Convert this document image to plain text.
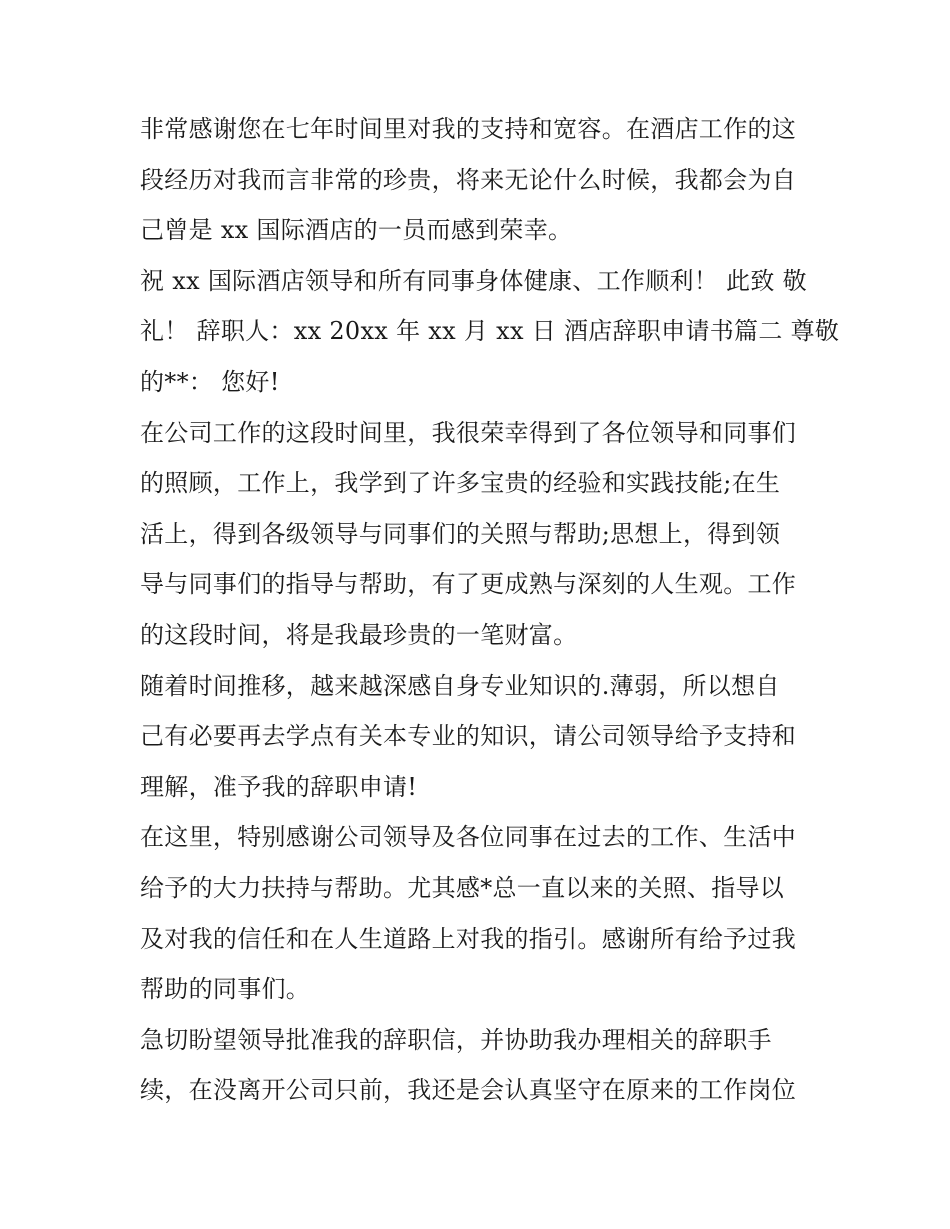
非常感谢您在七年时间里对我的支持和宽容。在酒店工作的这
段经历对我而言非常的珍贵，将来无论什么时候，我都会为自
己曾是 xx 国际酒店的一员而感到荣幸。
祝 xx 国际酒店领导和所有同事身体健康、工作顺利！ 此致 敬
礼！ 辞职人：xx 20xx 年 xx 月 xx 日 酒店辞职申请书篇二 尊敬
的**： 您好!
在公司工作的这段时间里，我很荣幸得到了各位领导和同事们
的照顾，工作上，我学到了许多宝贵的经验和实践技能;在生
活上，得到各级领导与同事们的关照与帮助;思想上，得到领
导与同事们的指导与帮助，有了更成熟与深刻的人生观。工作
的这段时间，将是我最珍贵的一笔财富。
随着时间推移，越来越深感自身专业知识的.薄弱，所以想自
己有必要再去学点有关本专业的知识，请公司领导给予支持和
理解，准予我的辞职申请!
在这里，特别感谢公司领导及各位同事在过去的工作、生活中
给予的大力扶持与帮助。尤其感*总一直以来的关照、指导以
及对我的信任和在人生道路上对我的指引。感谢所有给予过我
帮助的同事们。
急切盼望领导批准我的辞职信，并协助我办理相关的辞职手
续，在没离开公司只前，我还是会认真坚守在原来的工作岗位
